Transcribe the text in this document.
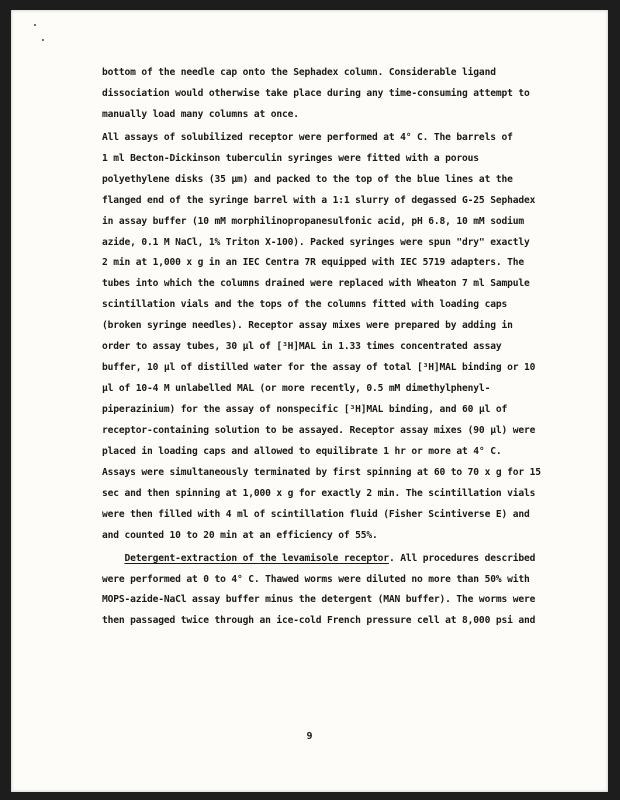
bottom of the needle cap onto the Sephadex column. Considerable ligand
dissociation would otherwise take place during any time-consuming attempt to
manually load many columns at once.
All assays of solubilized receptor were performed at 4° C. The barrels of
1 ml Becton-Dickinson tuberculin syringes were fitted with a porous
polyethylene disks (35 μm) and packed to the top of the blue lines at the
flanged end of the syringe barrel with a 1:1 slurry of degassed G-25 Sephadex
in assay buffer (10 mM morphilinopropanesulfonic acid, pH 6.8, 10 mM sodium
azide, 0.1 M NaCl, 1% Triton X-100). Packed syringes were spun "dry" exactly
2 min at 1,000 x g in an IEC Centra 7R equipped with IEC 5719 adapters. The
tubes into which the columns drained were replaced with Wheaton 7 ml Sampule
scintillation vials and the tops of the columns fitted with loading caps
(broken syringe needles). Receptor assay mixes were prepared by adding in
order to assay tubes, 30 μl of [³H]MAL in 1.33 times concentrated assay
buffer, 10 μl of distilled water for the assay of total [³H]MAL binding or 10
μl of 10-4 M unlabelled MAL (or more recently, 0.5 mM dimethylphenyl-
piperazinium) for the assay of nonspecific [³H]MAL binding, and 60 μl of
receptor-containing solution to be assayed. Receptor assay mixes (90 μl) were
placed in loading caps and allowed to equilibrate 1 hr or more at 4° C.
Assays were simultaneously terminated by first spinning at 60 to 70 x g for 15
sec and then spinning at 1,000 x g for exactly 2 min. The scintillation vials
were then filled with 4 ml of scintillation fluid (Fisher Scintiverse E) and
and counted 10 to 20 min at an efficiency of 55%.
Detergent-extraction of the levamisole receptor. All procedures described
were performed at 0 to 4° C. Thawed worms were diluted no more than 50% with
MOPS-azide-NaCl assay buffer minus the detergent (MAN buffer). The worms were
then passaged twice through an ice-cold French pressure cell at 8,000 psi and
9
